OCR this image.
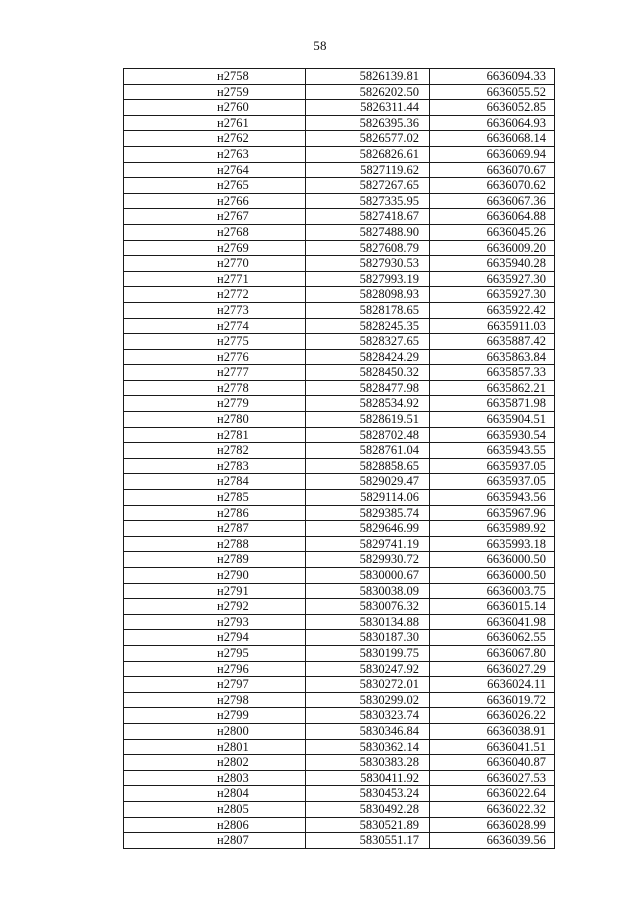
58
н2758	5826139.81	6636094.33
н2759	5826202.50	6636055.52
н2760	5826311.44	6636052.85
н2761	5826395.36	6636064.93
н2762	5826577.02	6636068.14
н2763	5826826.61	6636069.94
н2764	5827119.62	6636070.67
н2765	5827267.65	6636070.62
н2766	5827335.95	6636067.36
н2767	5827418.67	6636064.88
н2768	5827488.90	6636045.26
н2769	5827608.79	6636009.20
н2770	5827930.53	6635940.28
н2771	5827993.19	6635927.30
н2772	5828098.93	6635927.30
н2773	5828178.65	6635922.42
н2774	5828245.35	6635911.03
н2775	5828327.65	6635887.42
н2776	5828424.29	6635863.84
н2777	5828450.32	6635857.33
н2778	5828477.98	6635862.21
н2779	5828534.92	6635871.98
н2780	5828619.51	6635904.51
н2781	5828702.48	6635930.54
н2782	5828761.04	6635943.55
н2783	5828858.65	6635937.05
н2784	5829029.47	6635937.05
н2785	5829114.06	6635943.56
н2786	5829385.74	6635967.96
н2787	5829646.99	6635989.92
н2788	5829741.19	6635993.18
н2789	5829930.72	6636000.50
н2790	5830000.67	6636000.50
н2791	5830038.09	6636003.75
н2792	5830076.32	6636015.14
н2793	5830134.88	6636041.98
н2794	5830187.30	6636062.55
н2795	5830199.75	6636067.80
н2796	5830247.92	6636027.29
н2797	5830272.01	6636024.11
н2798	5830299.02	6636019.72
н2799	5830323.74	6636026.22
н2800	5830346.84	6636038.91
н2801	5830362.14	6636041.51
н2802	5830383.28	6636040.87
н2803	5830411.92	6636027.53
н2804	5830453.24	6636022.64
н2805	5830492.28	6636022.32
н2806	5830521.89	6636028.99
н2807	5830551.17	6636039.56
